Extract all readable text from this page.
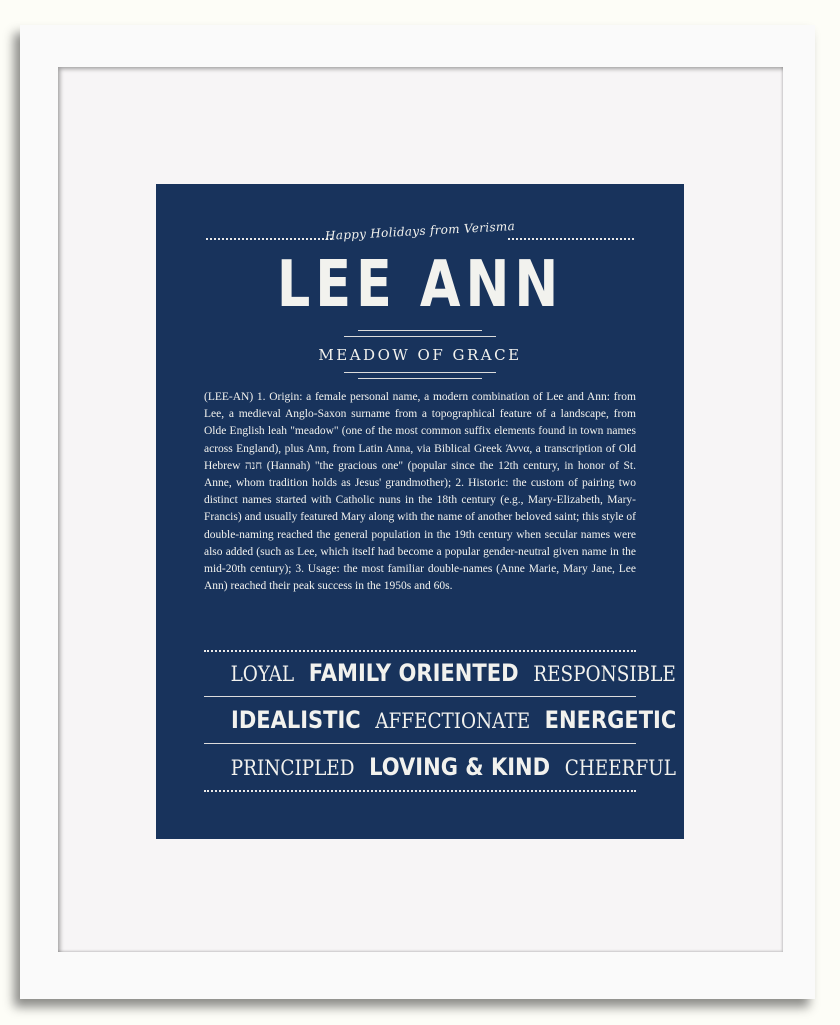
Happy Holidays from Verisma
LEE ANN
MEADOW OF GRACE
(LEE-AN) 1. Origin: a female personal name, a modern combination of Lee and Ann: from Lee, a medieval Anglo-Saxon surname from a topographical feature of a landscape, from Olde English leah "meadow" (one of the most common suffix elements found in town names across England), plus Ann, from Latin Anna, via Biblical Greek Άννα, a transcription of Old Hebrew חנה (Hannah) "the gracious one" (popular since the 12th century, in honor of St. Anne, whom tradition holds as Jesus' grandmother); 2. Historic: the custom of pairing two distinct names started with Catholic nuns in the 18th century (e.g., Mary-Elizabeth, Mary-Francis) and usually featured Mary along with the name of another beloved saint; this style of double-naming reached the general population in the 19th century when secular names were also added (such as Lee, which itself had become a popular gender-neutral given name in the mid-20th century); 3. Usage: the most familiar double-names (Anne Marie, Mary Jane, Lee Ann) reached their peak success in the 1950s and 60s.
LOYAL FAMILY ORIENTED RESPONSIBLE
IDEALISTIC AFFECTIONATE ENERGETIC
PRINCIPLED LOVING & KIND CHEERFUL
